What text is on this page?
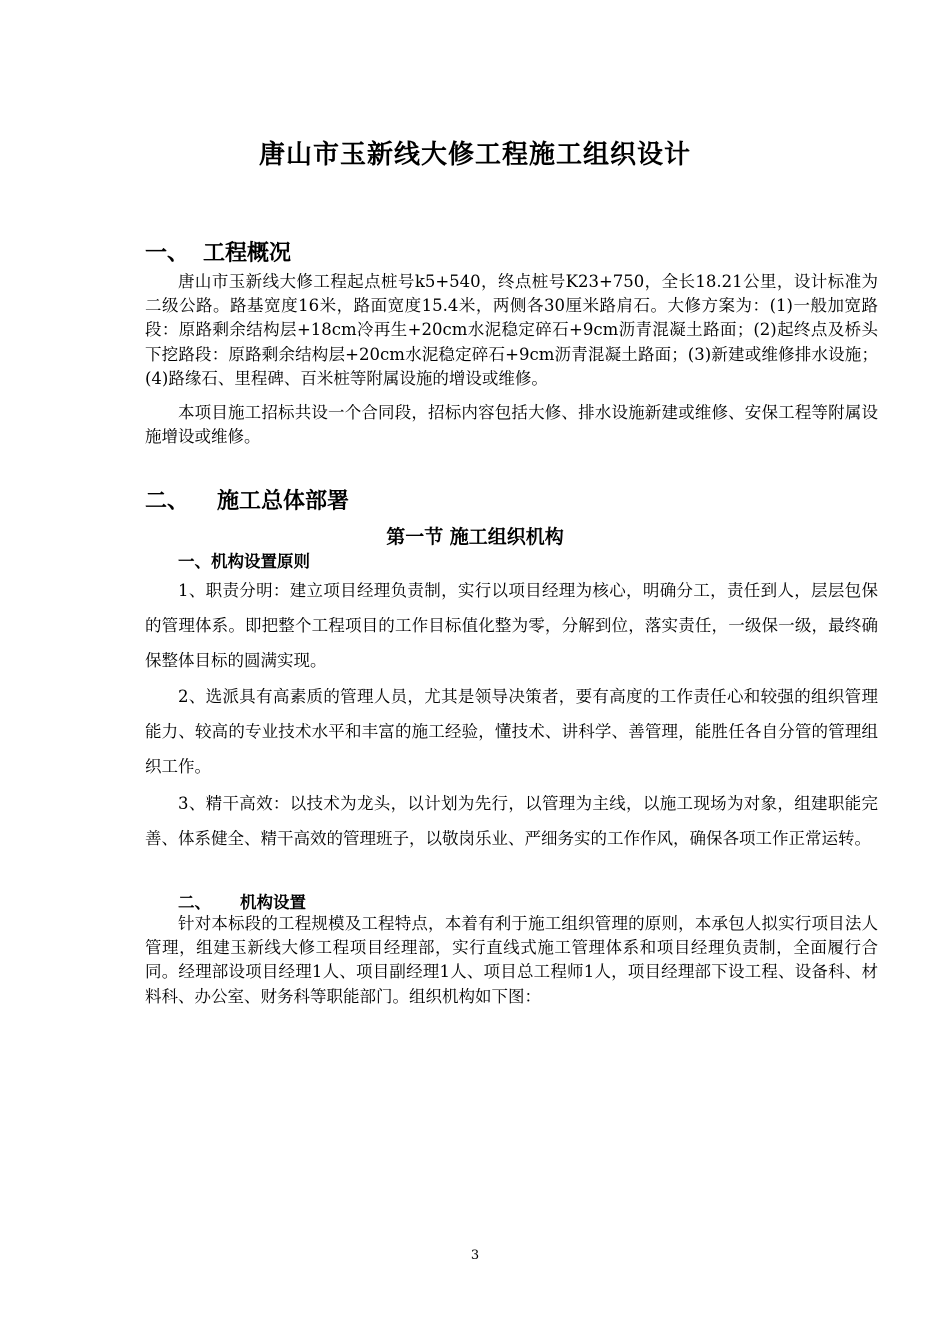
唐山市玉新线大修工程施工组织设计
一、 工程概况
唐山市玉新线大修工程起点桩号k5+540，终点桩号K23+750，全长18.21公里，设计标准为二级公路。路基宽度16米，路面宽度15.4米，两侧各30厘米路肩石。大修方案为：(1)一般加宽路段：原路剩余结构层+18cm冷再生+20cm水泥稳定碎石+9cm沥青混凝土路面；(2)起终点及桥头下挖路段：原路剩余结构层+20cm水泥稳定碎石+9cm沥青混凝土路面；(3)新建或维修排水设施；(4)路缘石、里程碑、百米桩等附属设施的增设或维修。
本项目施工招标共设一个合同段，招标内容包括大修、排水设施新建或维修、安保工程等附属设施增设或维修。
二、 施工总体部署
第一节 施工组织机构
一、机构设置原则
1、职责分明：建立项目经理负责制，实行以项目经理为核心，明确分工，责任到人，层层包保的管理体系。即把整个工程项目的工作目标值化整为零，分解到位，落实责任，一级保一级，最终确保整体目标的圆满实现。
2、选派具有高素质的管理人员，尤其是领导决策者，要有高度的工作责任心和较强的组织管理能力、较高的专业技术水平和丰富的施工经验，懂技术、讲科学、善管理，能胜任各自分管的管理组织工作。
3、精干高效：以技术为龙头，以计划为先行，以管理为主线，以施工现场为对象，组建职能完善、体系健全、精干高效的管理班子，以敬岗乐业、严细务实的工作作风，确保各项工作正常运转。
二、 机构设置
针对本标段的工程规模及工程特点，本着有利于施工组织管理的原则，本承包人拟实行项目法人管理，组建玉新线大修工程项目经理部，实行直线式施工管理体系和项目经理负责制，全面履行合同。经理部设项目经理1人、项目副经理1人、项目总工程师1人，项目经理部下设工程、设备科、材料科、办公室、财务科等职能部门。组织机构如下图：
3
